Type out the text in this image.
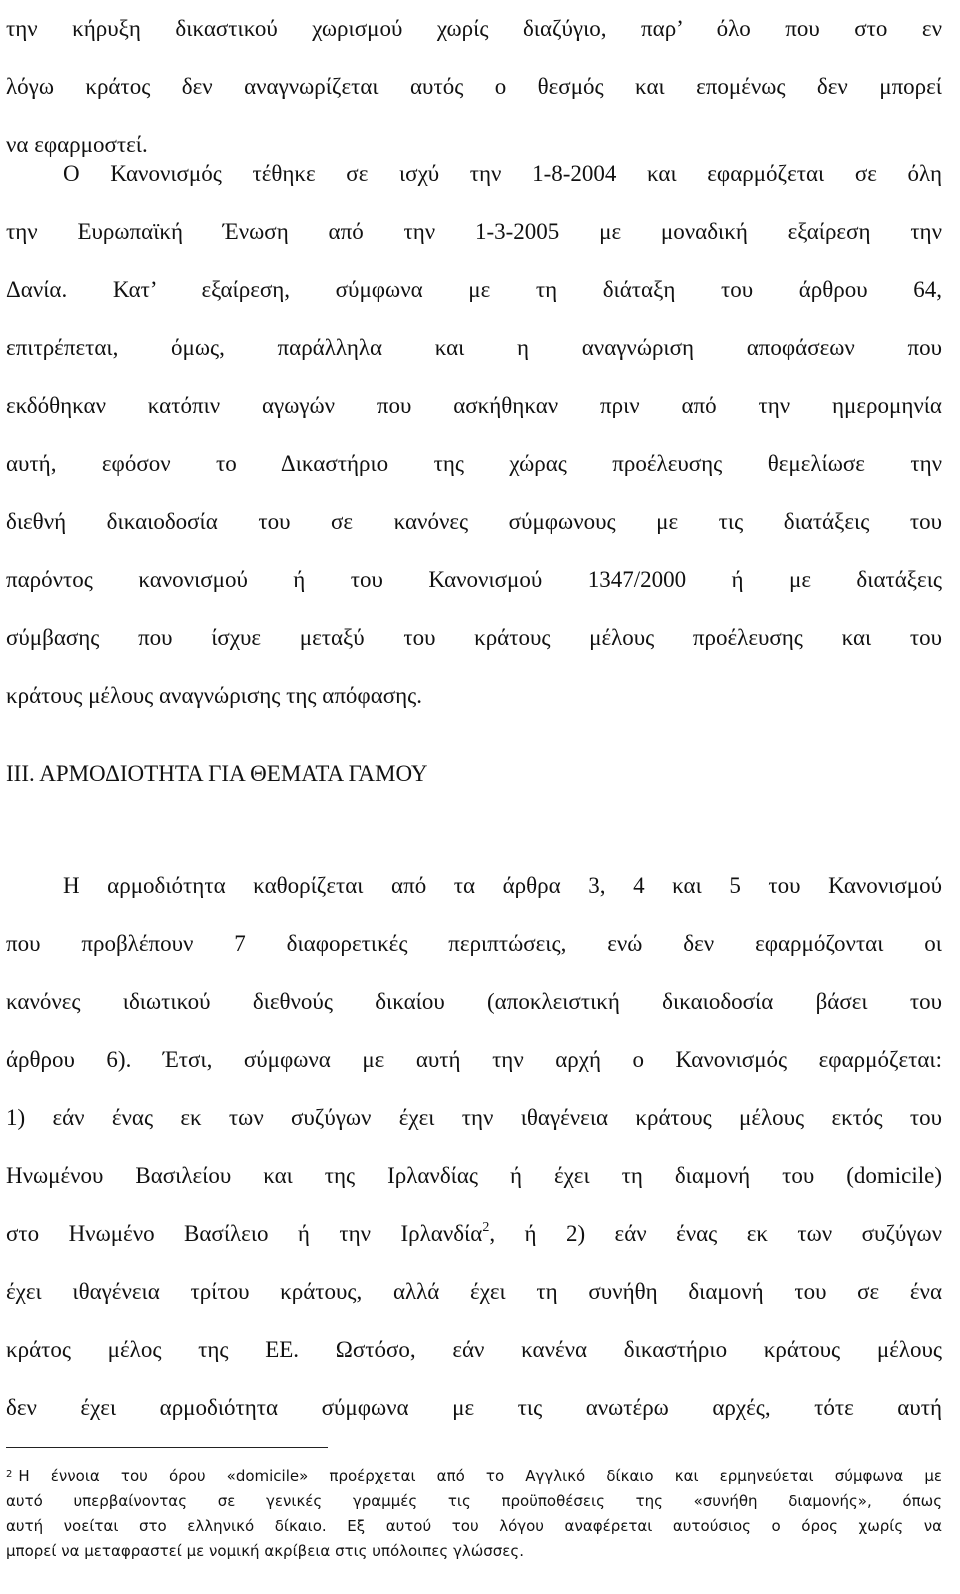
την κήρυξη δικαστικού χωρισμού χωρίς διαζύγιο, παρ’ όλο που στο εν
λόγω κράτος δεν αναγνωρίζεται αυτός ο θεσμός και επομένως δεν μπορεί
να εφαρμοστεί.
Ο Κανονισμός τέθηκε σε ισχύ την 1-8-2004 και εφαρμόζεται σε όλη
την Ευρωπαϊκή Ένωση από την 1-3-2005 με μοναδική εξαίρεση την
Δανία. Κατ’ εξαίρεση, σύμφωνα με τη διάταξη του άρθρου 64,
επιτρέπεται, όμως, παράλληλα και η αναγνώριση αποφάσεων που
εκδόθηκαν κατόπιν αγωγών που ασκήθηκαν πριν από την ημερομηνία
αυτή, εφόσον το Δικαστήριο της χώρας προέλευσης θεμελίωσε την
διεθνή δικαιοδοσία του σε κανόνες σύμφωνους με τις διατάξεις του
παρόντος κανονισμού ή του Κανονισμού 1347/2000 ή με διατάξεις
σύμβασης που ίσχυε μεταξύ του κράτους μέλους προέλευσης και του
κράτους μέλους αναγνώρισης της απόφασης.
ΙΙΙ. ΑΡΜΟΔΙΟΤΗΤΑ ΓΙΑ ΘΕΜΑΤΑ ΓΑΜΟΥ
Η αρμοδιότητα καθορίζεται από τα άρθρα 3, 4 και 5 του Κανονισμού
που προβλέπουν 7 διαφορετικές περιπτώσεις, ενώ δεν εφαρμόζονται οι
κανόνες ιδιωτικού διεθνούς δικαίου (αποκλειστική δικαιοδοσία βάσει του
άρθρου 6). Έτσι, σύμφωνα με αυτή την αρχή ο Κανονισμός εφαρμόζεται:
1) εάν ένας εκ των συζύγων έχει την ιθαγένεια κράτους μέλους εκτός του
Ηνωμένου Βασιλείου και της Ιρλανδίας ή έχει τη διαμονή του (domicile)
στο Ηνωμένο Βασίλειο ή την Ιρλανδία$^2$, ή 2) εάν ένας εκ των συζύγων
έχει ιθαγένεια τρίτου κράτους, αλλά έχει τη συνήθη διαμονή του σε ένα
κράτος μέλος της ΕΕ. Ωστόσο, εάν κανένα δικαστήριο κράτους μέλους
δεν έχει αρμοδιότητα σύμφωνα με τις ανωτέρω αρχές, τότε αυτή
$^2$ Η έννοια του όρου «domicile» προέρχεται από το Αγγλικό δίκαιο και ερμηνεύεται σύμφωνα με
αυτό υπερβαίνοντας σε γενικές γραμμές τις προϋποθέσεις της «συνήθη διαμονής», όπως
αυτή νοείται στο ελληνικό δίκαιο. Εξ αυτού του λόγου αναφέρεται αυτούσιος ο όρος χωρίς να
μπορεί να μεταφραστεί με νομική ακρίβεια στις υπόλοιπες γλώσσες.
